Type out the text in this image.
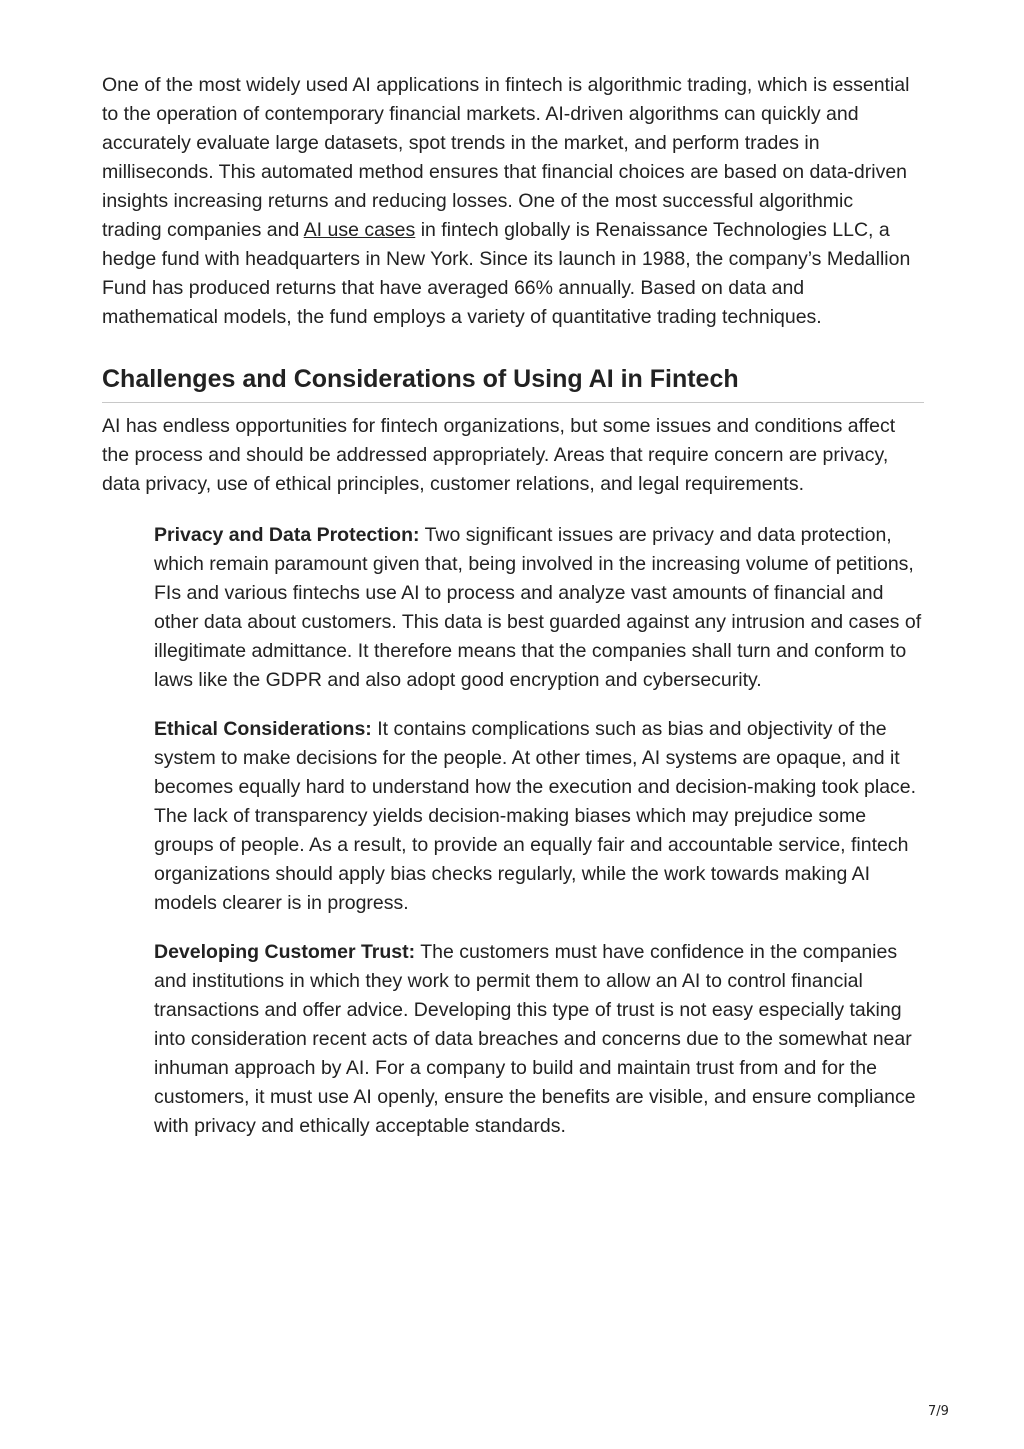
One of the most widely used AI applications in fintech is algorithmic trading, which is essential to the operation of contemporary financial markets. AI-driven algorithms can quickly and accurately evaluate large datasets, spot trends in the market, and perform trades in milliseconds. This automated method ensures that financial choices are based on data-driven insights increasing returns and reducing losses. One of the most successful algorithmic trading companies and AI use cases in fintech globally is Renaissance Technologies LLC, a hedge fund with headquarters in New York. Since its launch in 1988, the company’s Medallion Fund has produced returns that have averaged 66% annually. Based on data and mathematical models, the fund employs a variety of quantitative trading techniques.

Challenges and Considerations of Using AI in Fintech

AI has endless opportunities for fintech organizations, but some issues and conditions affect the process and should be addressed appropriately. Areas that require concern are privacy, data privacy, use of ethical principles, customer relations, and legal requirements.

Privacy and Data Protection: Two significant issues are privacy and data protection, which remain paramount given that, being involved in the increasing volume of petitions, FIs and various fintechs use AI to process and analyze vast amounts of financial and other data about customers. This data is best guarded against any intrusion and cases of illegitimate admittance. It therefore means that the companies shall turn and conform to laws like the GDPR and also adopt good encryption and cybersecurity.
Ethical Considerations: It contains complications such as bias and objectivity of the system to make decisions for the people. At other times, AI systems are opaque, and it becomes equally hard to understand how the execution and decision-making took place. The lack of transparency yields decision-making biases which may prejudice some groups of people. As a result, to provide an equally fair and accountable service, fintech organizations should apply bias checks regularly, while the work towards making AI models clearer is in progress.
Developing Customer Trust: The customers must have confidence in the companies and institutions in which they work to permit them to allow an AI to control financial transactions and offer advice. Developing this type of trust is not easy especially taking into consideration recent acts of data breaches and concerns due to the somewhat near inhuman approach by AI. For a company to build and maintain trust from and for the customers, it must use AI openly, ensure the benefits are visible, and ensure compliance with privacy and ethically acceptable standards.
7/9
